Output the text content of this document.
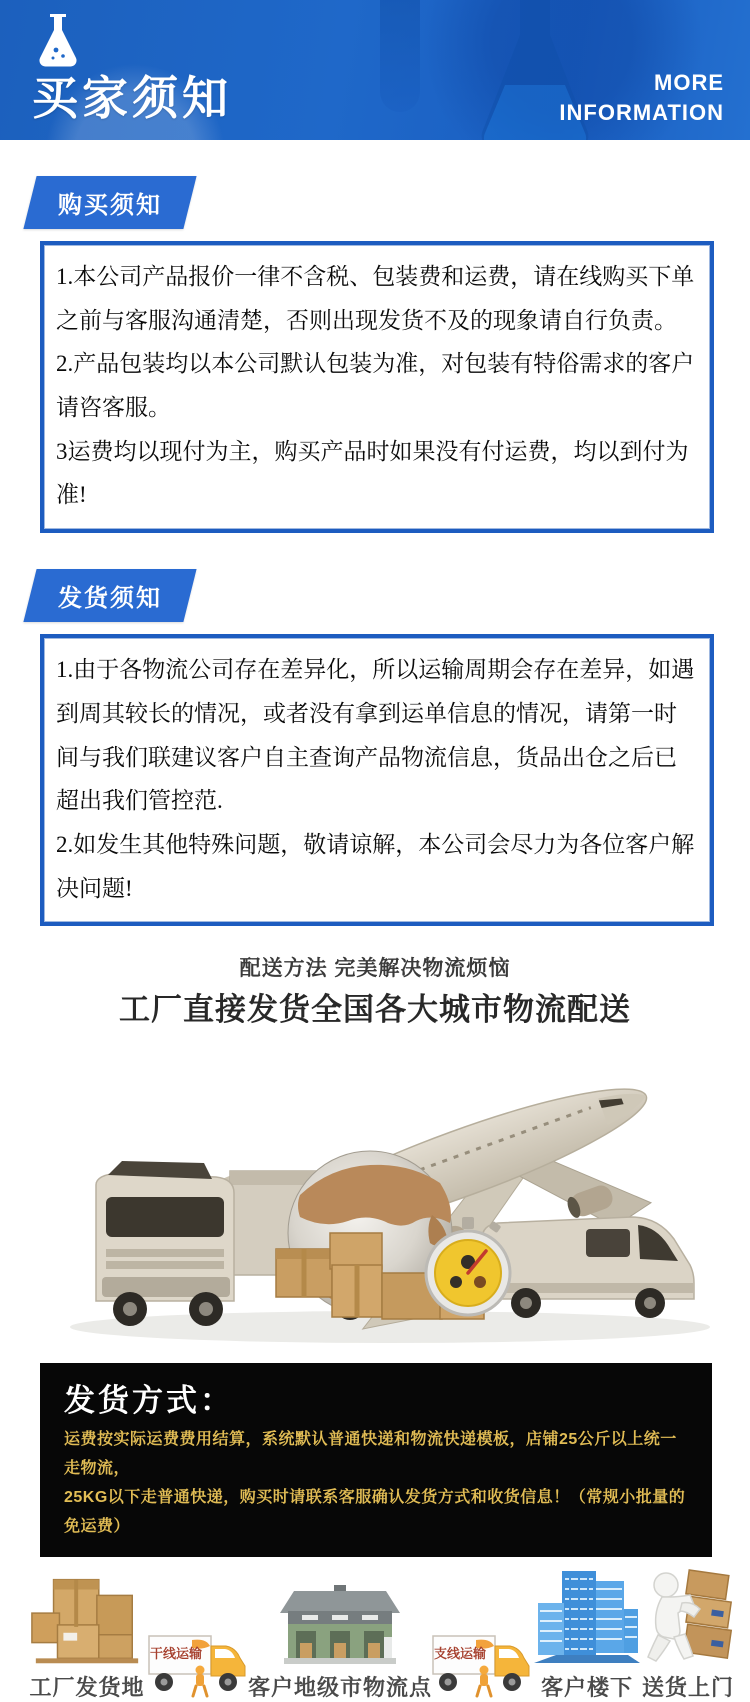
买家须知	MORE
INFORMATION
购买须知

1.本公司产品报价一律不含税、包装费和运费，请在线购买下单之前与客服沟通清楚，否则出现发货不及的现象请自行负责。

2.产品包装均以本公司默认包装为准，对包装有特俗需求的客户请咨客服。

3运费均以现付为主，购买产品时如果没有付运费，均以到付为准!

发货须知

1.由于各物流公司存在差异化，所以运输周期会存在差异，如遇到周其较长的情况，或者没有拿到运单信息的情况，请第一时间与我们联建议客户自主查询产品物流信息，货品出仓之后已超出我们管控范.

2.如发生其他特殊问题，敬请谅解，本公司会尽力为各位客户解决问题!

配送方法 完美解决物流烦恼
工厂直接发货全国各大城市物流配送
发货方式：
运费按实际运费费用结算，系统默认普通快递和物流快递模板，店铺25公斤以上统一走物流，
25KG以下走普通快递，购买时请联系客服确认发货方式和收货信息！（常规小批量的免运费）
工厂发货地
干线运输
客户地级市物流点
支线运输
客户楼下 送货上门
